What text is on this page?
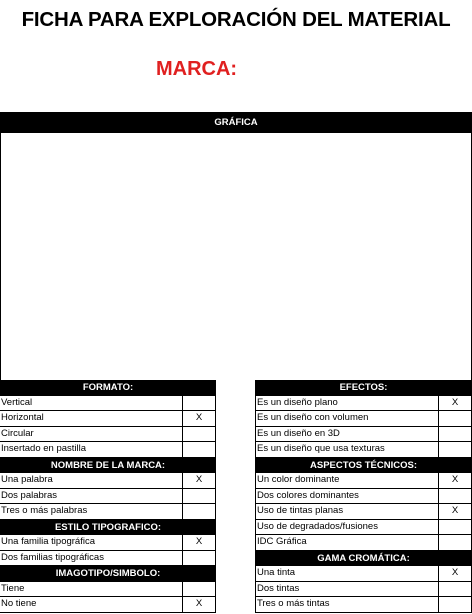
FICHA PARA EXPLORACIÓN DEL MATERIAL
MARCA:
GRÁFICA
FORMATO:
Vertical
Horizontal	X
Circular
Insertado en pastilla
NOMBRE DE LA MARCA:
Una palabra	X
Dos palabras
Tres o más palabras
ESTILO TIPOGRAFICO:
Una familia tipográfica	X
Dos familias tipográficas
IMAGOTIPO/SIMBOLO:
Tiene
No tiene	X
EFECTOS:
Es un diseño plano	X
Es un diseño con volumen
Es un diseño en 3D
Es un diseño que usa texturas
ASPECTOS TÉCNICOS:
Un color dominante	X
Dos colores dominantes
Uso de tintas planas	X
Uso de degradados/fusiones
IDC Gráfica
GAMA CROMÁTICA:
Una tinta	X
Dos tintas
Tres o más tintas
